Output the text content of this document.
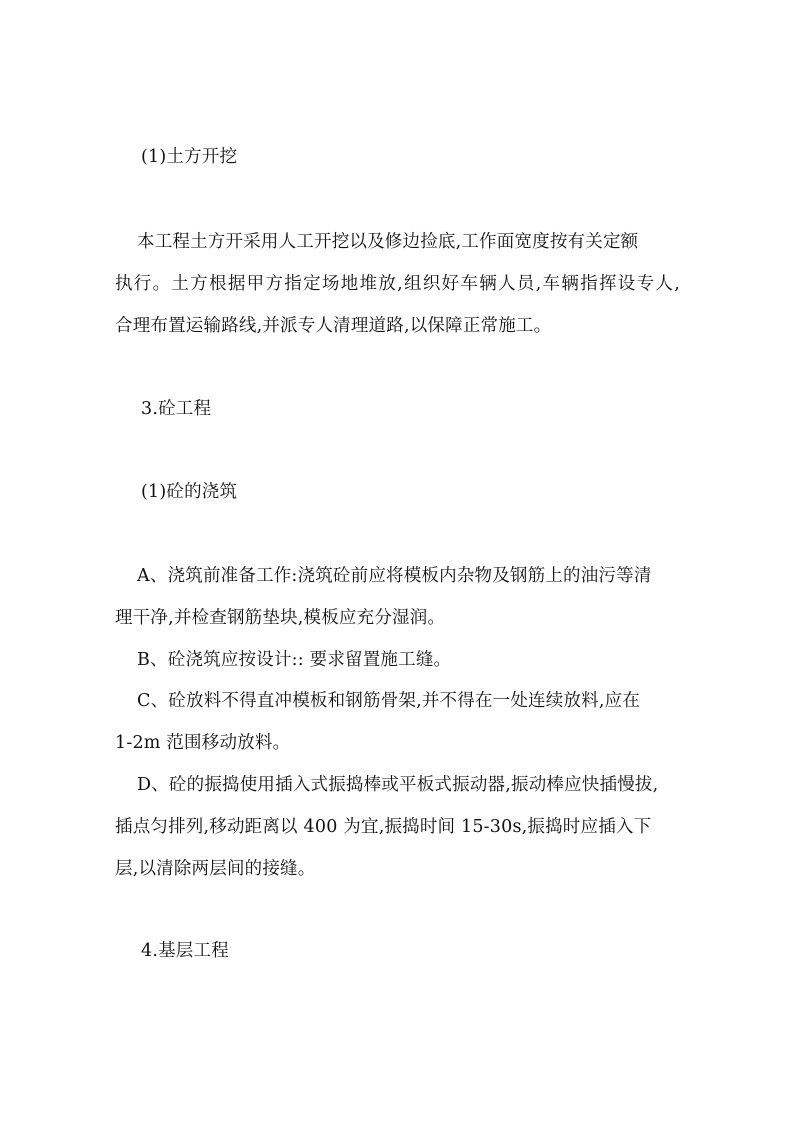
(1)土方开挖
本工程土方开采用人工开挖以及修边捡底,工作面宽度按有关定额
执行。土方根据甲方指定场地堆放,组织好车辆人员,车辆指挥设专人,
合理布置运输路线,并派专人清理道路,以保障正常施工。
3.砼工程
(1)砼的浇筑
A、浇筑前准备工作:浇筑砼前应将模板内杂物及钢筋上的油污等清
理干净,并检查钢筋垫块,模板应充分湿润。
B、砼浇筑应按设计:: 要求留置施工缝。
C、砼放料不得直冲模板和钢筋骨架,并不得在一处连续放料,应在
1-2m 范围移动放料。
D、砼的振捣使用插入式振捣棒或平板式振动器,振动棒应快插慢拔,
插点匀排列,移动距离以 400 为宜,振捣时间 15-30s,振捣时应插入下
层,以清除两层间的接缝。
4.基层工程
